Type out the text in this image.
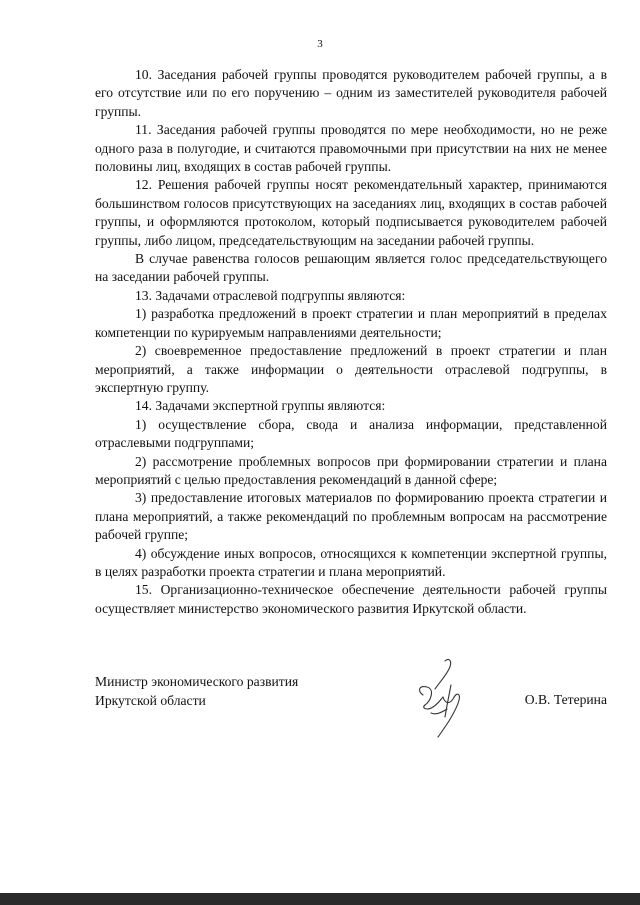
3

10. Заседания рабочей группы проводятся руководителем рабочей группы, а в его отсутствие или по его поручению – одним из заместителей руководителя рабочей группы.

11. Заседания рабочей группы проводятся по мере необходимости, но не реже одного раза в полугодие, и считаются правомочными при присутствии на них не менее половины лиц, входящих в состав рабочей группы.

12. Решения рабочей группы носят рекомендательный характер, принимаются большинством голосов присутствующих на заседаниях лиц, входящих в состав рабочей группы, и оформляются протоколом, который подписывается руководителем рабочей группы, либо лицом, председательствующим на заседании рабочей группы.

В случае равенства голосов решающим является голос председательствующего на заседании рабочей группы.

13. Задачами отраслевой подгруппы являются:

1) разработка предложений в проект стратегии и план мероприятий в пределах компетенции по курируемым направлениями деятельности;

2) своевременное предоставление предложений в проект стратегии и план мероприятий, а также информации о деятельности отраслевой подгруппы, в экспертную группу.

14. Задачами экспертной группы являются:

1) осуществление сбора, свода и анализа информации, представленной отраслевыми подгруппами;

2) рассмотрение проблемных вопросов при формировании стратегии и плана мероприятий с целью предоставления рекомендаций в данной сфере;

3) предоставление итоговых материалов по формированию проекта стратегии и плана мероприятий, а также рекомендаций по проблемным вопросам на рассмотрение рабочей группе;

4) обсуждение иных вопросов, относящихся к компетенции экспертной группы, в целях разработки проекта стратегии и плана мероприятий.

15. Организационно-техническое обеспечение деятельности рабочей группы осуществляет министерство экономического развития Иркутской области.

Министр экономического развития
Иркутской области	О.В. Тетерина
